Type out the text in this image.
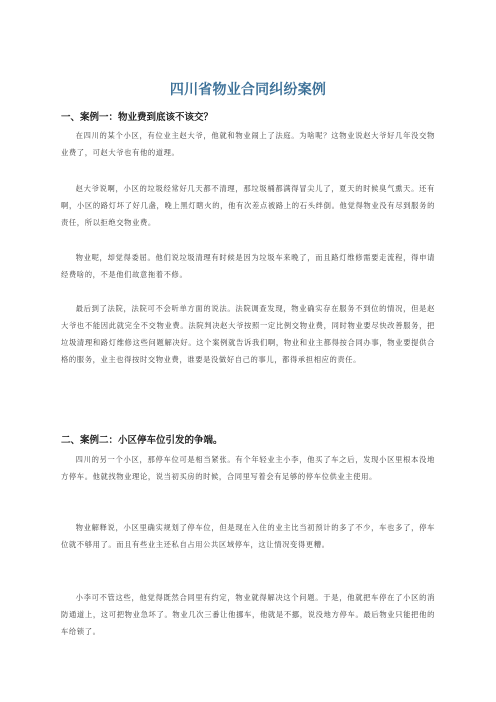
四川省物业合同纠纷案例
一、案例一：物业费到底该不该交？

在四川的某个小区，有位业主赵大爷，他就和物业闹上了法庭。为啥呢？这物业说赵大爷好几年没交物业费了，可赵大爷也有他的道理。

赵大爷说啊，小区的垃圾经常好几天都不清理，那垃圾桶都满得冒尖儿了，夏天的时候臭气熏天。还有啊，小区的路灯坏了好几盏，晚上黑灯瞎火的，他有次差点被路上的石头绊倒。他觉得物业没有尽到服务的责任，所以拒绝交物业费。

物业呢，却觉得委屈。他们说垃圾清理有时候是因为垃圾车来晚了，而且路灯维修需要走流程，得申请经费啥的，不是他们故意拖着不修。

最后到了法院，法院可不会听单方面的说法。法院调查发现，物业确实存在服务不到位的情况，但是赵大爷也不能因此就完全不交物业费。法院判决赵大爷按照一定比例交物业费，同时物业要尽快改善服务，把垃圾清理和路灯维修这些问题解决好。这个案例就告诉我们啊，物业和业主都得按合同办事，物业要提供合格的服务，业主也得按时交物业费，谁要是没做好自己的事儿，都得承担相应的责任。

二、案例二：小区停车位引发的争端。

四川的另一个小区，那停车位可是相当紧张。有个年轻业主小李，他买了车之后，发现小区里根本没地方停车。他就找物业理论，说当初买房的时候，合同里写着会有足够的停车位供业主使用。

物业解释说，小区里确实规划了停车位，但是现在入住的业主比当初预计的多了不少，车也多了，停车位就不够用了。而且有些业主还私自占用公共区域停车，这让情况变得更糟。

小李可不管这些，他觉得既然合同里有约定，物业就得解决这个问题。于是，他就把车停在了小区的消防通道上，这可把物业急坏了。物业几次三番让他挪车，他就是不挪，说没地方停车。最后物业只能把他的车给锁了。
